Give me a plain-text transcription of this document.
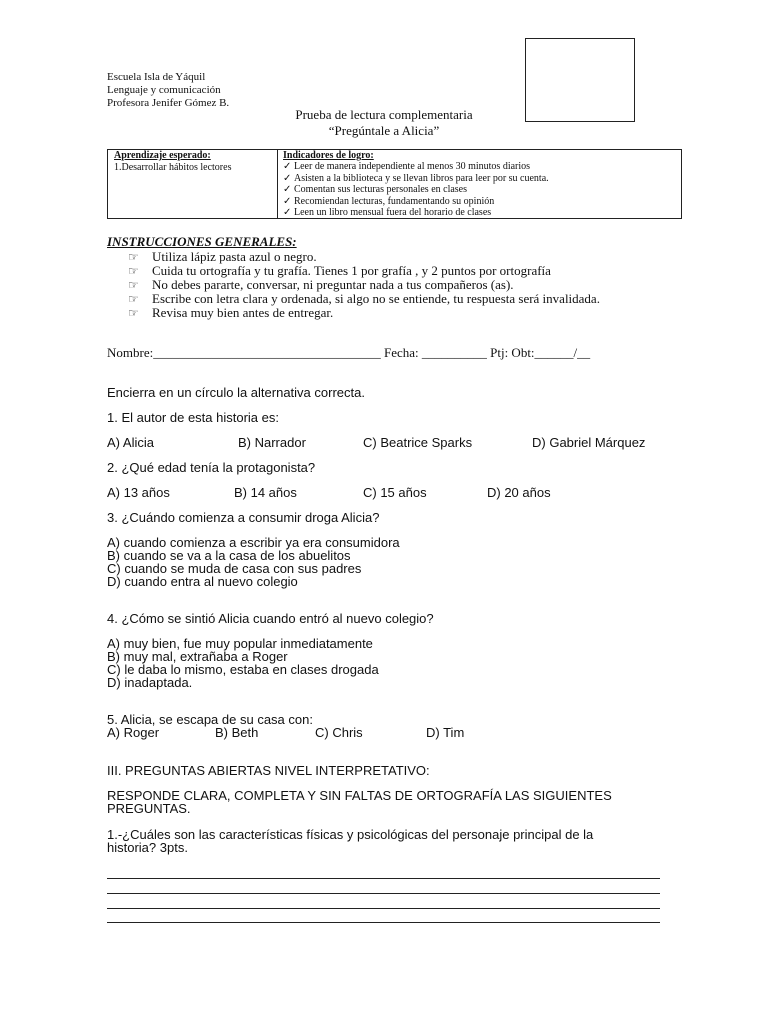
Escuela Isla de Yáquil
Lenguaje y comunicación
Profesora Jenifer Gómez B.
Prueba de lectura complementaria
“Pregúntale a Alicia”
Aprendizaje esperado:
1.Desarrollar hábitos lectores
Indicadores de logro:
✓ Leer de manera independiente al menos 30 minutos diarios
✓ Asisten a la biblioteca y se llevan libros para leer por su cuenta.
✓ Comentan sus lecturas personales en clases
✓ Recomiendan lecturas, fundamentando su opinión
✓ Leen un libro mensual fuera del horario de clases
INSTRUCCIONES GENERALES:
☞ Utiliza lápiz pasta azul o negro.
☞ Cuida tu ortografía y tu grafía. Tienes 1 por grafía , y 2 puntos por ortografía
☞ No debes pararte, conversar, ni preguntar nada a tus compañeros (as).
☞ Escribe con letra clara y ordenada, si algo no se entiende, tu respuesta será invalidada.
☞ Revisa muy bien antes de entregar.
Nombre:___________________________________ Fecha: __________ Ptj: Obt:______/__
Encierra en un círculo la alternativa correcta.
1. El autor de esta historia es:
A) Alicia	B) Narrador	C) Beatrice Sparks	D) Gabriel Márquez
2. ¿Qué edad tenía la protagonista?
A) 13 años	B) 14 años	C) 15 años	D) 20 años
3. ¿Cuándo comienza a consumir droga Alicia?
A) cuando comienza a escribir ya era consumidora
B) cuando se va a la casa de los abuelitos
C) cuando se muda de casa con sus padres
D) cuando entra al nuevo colegio
4. ¿Cómo se sintió Alicia cuando entró al nuevo colegio?
A) muy bien, fue muy popular inmediatamente
B) muy mal, extrañaba a Roger
C) le daba lo mismo, estaba en clases drogada
D) inadaptada.
5. Alicia, se escapa de su casa con:
A) Roger	B) Beth	C) Chris	D) Tim
III. PREGUNTAS ABIERTAS NIVEL INTERPRETATIVO:
RESPONDE CLARA, COMPLETA Y SIN FALTAS DE ORTOGRAFÍA LAS SIGUIENTES
PREGUNTAS.
1.-¿Cuáles son las características físicas y psicológicas del personaje principal de la
historia? 3pts.
